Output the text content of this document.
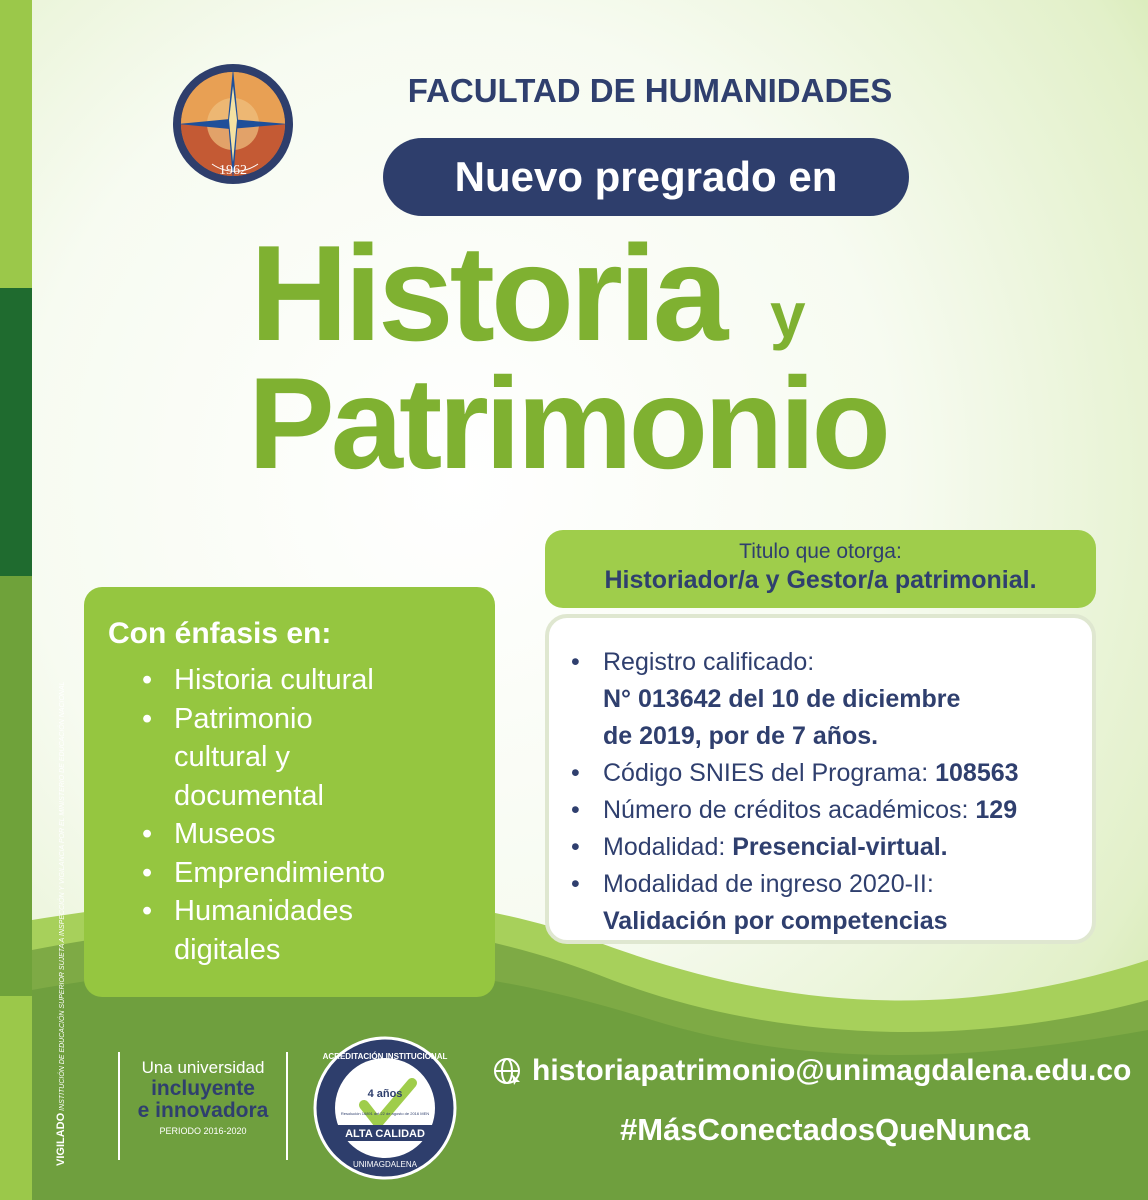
VIGILADO INSTITUCIÓN DE EDUCACIÓN SUPERIOR SUJETA A INSPECCIÓN Y VIGILANCIA POR EL MINISTERIO DE EDUCACIÓN NACIONAL
1962
FACULTAD DE HUMANIDADES
Nuevo pregrado en
Historia y
Patrimonio
Titulo que otorga:
Historiador/a y Gestor/a patrimonial.
• Registro calificado:
N° 013642 del 10 de diciembre
de 2019, por de 7 años.
• Código SNIES del Programa: 108563
• Número de créditos académicos: 129
• Modalidad: Presencial-virtual.
• Modalidad de ingreso 2020-II:
Validación por competencias
Con énfasis en:
• Historia cultural
• Patrimonio cultural y documental
• Museos
• Emprendimiento
• Humanidades digitales
Una universidad
incluyente
e innovadora
PERIODO 2016-2020
4 años
Resolución 16891 del 22 de agosto de 2016 MEN
ALTA CALIDAD
ACREDITACIÓN INSTITUCIONAL
UNIMAGDALENA
historiapatrimonio@unimagdalena.edu.co
#MásConectadosQueNunca
